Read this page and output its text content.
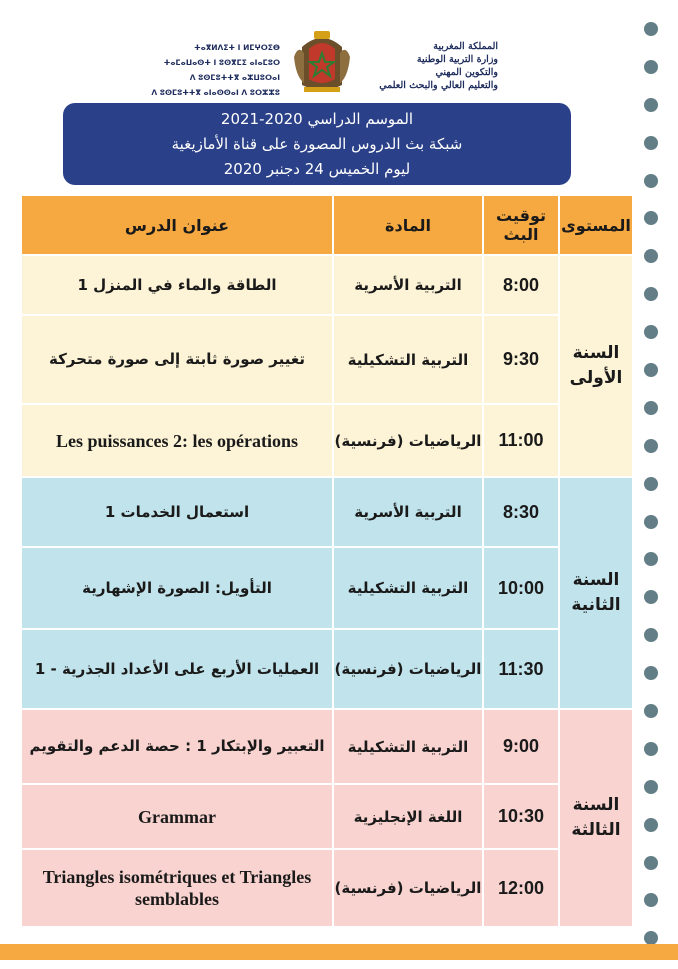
ⵜⴰⴳⵍⴷⵉⵜ ⵏ ⵍⵎⵖⵔⵉⴱ
ⵜⴰⵎⴰⵡⴰⵙⵜ ⵏ ⵓⵙⴳⵎⵉ ⴰⵏⴰⵎⵓⵔ
ⴷ ⵓⵙⵎⵓⵜⵜⴳ ⴰⵣⵡⵓⵔⴰⵏ
ⴷ ⵓⵙⵎⵓⵜⵜⴳ ⴰⵏⴰⵙⵙⴰⵏ ⴷ ⵓⵔⵣⵣⵓ
المملكة المغربية
وزارة التربية الوطنية
والتكوين المهني
والتعليم العالي والبحث العلمي
الموسم الدراسي 2020-2021
شبكة بث الدروس المصورة على قناة الأمازيغية
ليوم الخميس 24 دجنبر 2020
عنوان الدرس	المادة	توقيت البث	المستوى
الطاقة والماء في المنزل 1	التربية الأسرية	8:00	السنة الأولى
تغيير صورة ثابتة إلى صورة متحركة	التربية التشكيلية	9:30	
Les puissances 2: les opérations	الرياضيات (فرنسية)	11:00	
استعمال الخدمات 1	التربية الأسرية	8:30	السنة الثانية
التأويل: الصورة الإشهارية	التربية التشكيلية	10:00	
العمليات الأربع على الأعداد الجذرية - 1	الرياضيات (فرنسية)	11:30	
التعبير والإبتكار 1 : حصة الدعم والتقويم	التربية التشكيلية	9:00	السنة الثالثة
Grammar	اللغة الإنجليزية	10:30	
Triangles isométriques et Triangles semblables	الرياضيات (فرنسية)	12:00	
